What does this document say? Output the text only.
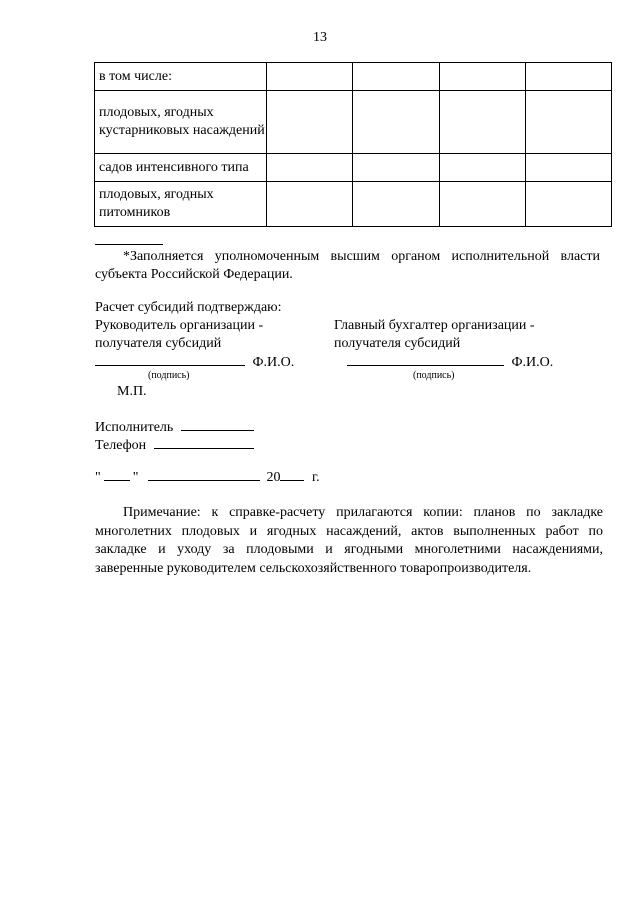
13
в том числе:				
плодовых, ягодных кустарниковых насаждений				
садов интенсивного типа				
плодовых, ягодных питомников				
*Заполняется уполномоченным высшим органом исполнительной власти субъекта Российской Федерации.
Расчет субсидий подтверждаю:
Руководитель организации -
получателя субсидий
Ф.И.О.
(подпись)
М.П.
Главный бухгалтер организации -
получателя субсидий
Ф.И.О.
(подпись)
Исполнитель
Телефон
" "	20 г.
Примечание: к справке-расчету прилагаются копии: планов по закладке многолетних плодовых и ягодных насаждений, актов выполненных работ по закладке и уходу за плодовыми и ягодными многолетними насаждениями, заверенные руководителем сельскохозяйственного товаропроизводителя.
